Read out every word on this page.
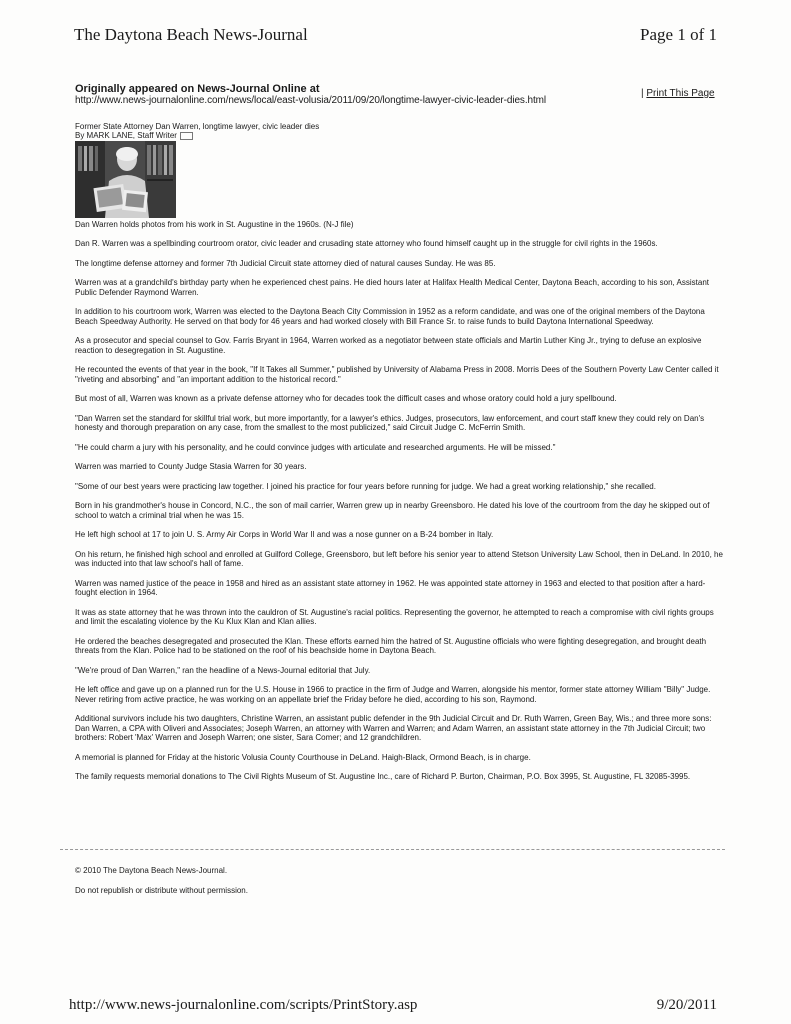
The Daytona Beach News-Journal	Page 1 of 1
Originally appeared on News-Journal Online at
http://www.news-journalonline.com/news/local/east-volusia/2011/09/20/longtime-lawyer-civic-leader-dies.html
| Print This Page
Former State Attorney Dan Warren, longtime lawyer, civic leader dies
By MARK LANE, Staff Writer
Dan Warren holds photos from his work in St. Augustine in the 1960s. (N-J file)

Dan R. Warren was a spellbinding courtroom orator, civic leader and crusading state attorney who found himself caught up in the struggle for civil rights in the 1960s.

The longtime defense attorney and former 7th Judicial Circuit state attorney died of natural causes Sunday. He was 85.

Warren was at a grandchild's birthday party when he experienced chest pains. He died hours later at Halifax Health Medical Center, Daytona Beach, according to his son, Assistant Public Defender Raymond Warren.

In addition to his courtroom work, Warren was elected to the Daytona Beach City Commission in 1952 as a reform candidate, and was one of the original members of the Daytona Beach Speedway Authority. He served on that body for 46 years and had worked closely with Bill France Sr. to raise funds to build Daytona International Speedway.

As a prosecutor and special counsel to Gov. Farris Bryant in 1964, Warren worked as a negotiator between state officials and Martin Luther King Jr., trying to defuse an explosive reaction to desegregation in St. Augustine.

He recounted the events of that year in the book, "If It Takes all Summer," published by University of Alabama Press in 2008. Morris Dees of the Southern Poverty Law Center called it "riveting and absorbing" and "an important addition to the historical record."

But most of all, Warren was known as a private defense attorney who for decades took the difficult cases and whose oratory could hold a jury spellbound.

"Dan Warren set the standard for skillful trial work, but more importantly, for a lawyer's ethics. Judges, prosecutors, law enforcement, and court staff knew they could rely on Dan's honesty and thorough preparation on any case, from the smallest to the most publicized," said Circuit Judge C. McFerrin Smith.

"He could charm a jury with his personality, and he could convince judges with articulate and researched arguments. He will be missed."

Warren was married to County Judge Stasia Warren for 30 years.

"Some of our best years were practicing law together. I joined his practice for four years before running for judge. We had a great working relationship," she recalled.

Born in his grandmother's house in Concord, N.C., the son of mail carrier, Warren grew up in nearby Greensboro. He dated his love of the courtroom from the day he skipped out of school to watch a criminal trial when he was 15.

He left high school at 17 to join U. S. Army Air Corps in World War II and was a nose gunner on a B-24 bomber in Italy.

On his return, he finished high school and enrolled at Guilford College, Greensboro, but left before his senior year to attend Stetson University Law School, then in DeLand. In 2010, he was inducted into that law school's hall of fame.

Warren was named justice of the peace in 1958 and hired as an assistant state attorney in 1962. He was appointed state attorney in 1963 and elected to that position after a hard-fought election in 1964.

It was as state attorney that he was thrown into the cauldron of St. Augustine's racial politics. Representing the governor, he attempted to reach a compromise with civil rights groups and limit the escalating violence by the Ku Klux Klan and Klan allies.

He ordered the beaches desegregated and prosecuted the Klan. These efforts earned him the hatred of St. Augustine officials who were fighting desegregation, and brought death threats from the Klan. Police had to be stationed on the roof of his beachside home in Daytona Beach.

"We're proud of Dan Warren," ran the headline of a News-Journal editorial that July.

He left office and gave up on a planned run for the U.S. House in 1966 to practice in the firm of Judge and Warren, alongside his mentor, former state attorney William "Billy" Judge. Never retiring from active practice, he was working on an appellate brief the Friday before he died, according to his son, Raymond.

Additional survivors include his two daughters, Christine Warren, an assistant public defender in the 9th Judicial Circuit and Dr. Ruth Warren, Green Bay, Wis.; and three more sons: Dan Warren, a CPA with Oliveri and Associates; Joseph Warren, an attorney with Warren and Warren; and Adam Warren, an assistant state attorney in the 7th Judicial Circuit; two brothers: Robert 'Max' Warren and Joseph Warren; one sister, Sara Comer; and 12 grandchildren.

A memorial is planned for Friday at the historic Volusia County Courthouse in DeLand. Haigh-Black, Ormond Beach, is in charge.

The family requests memorial donations to The Civil Rights Museum of St. Augustine Inc., care of Richard P. Burton, Chairman, P.O. Box 3995, St. Augustine, FL 32085-3995.

© 2010 The Daytona Beach News-Journal.
Do not republish or distribute without permission.
http://www.news-journalonline.com/scripts/PrintStory.asp	9/20/2011
